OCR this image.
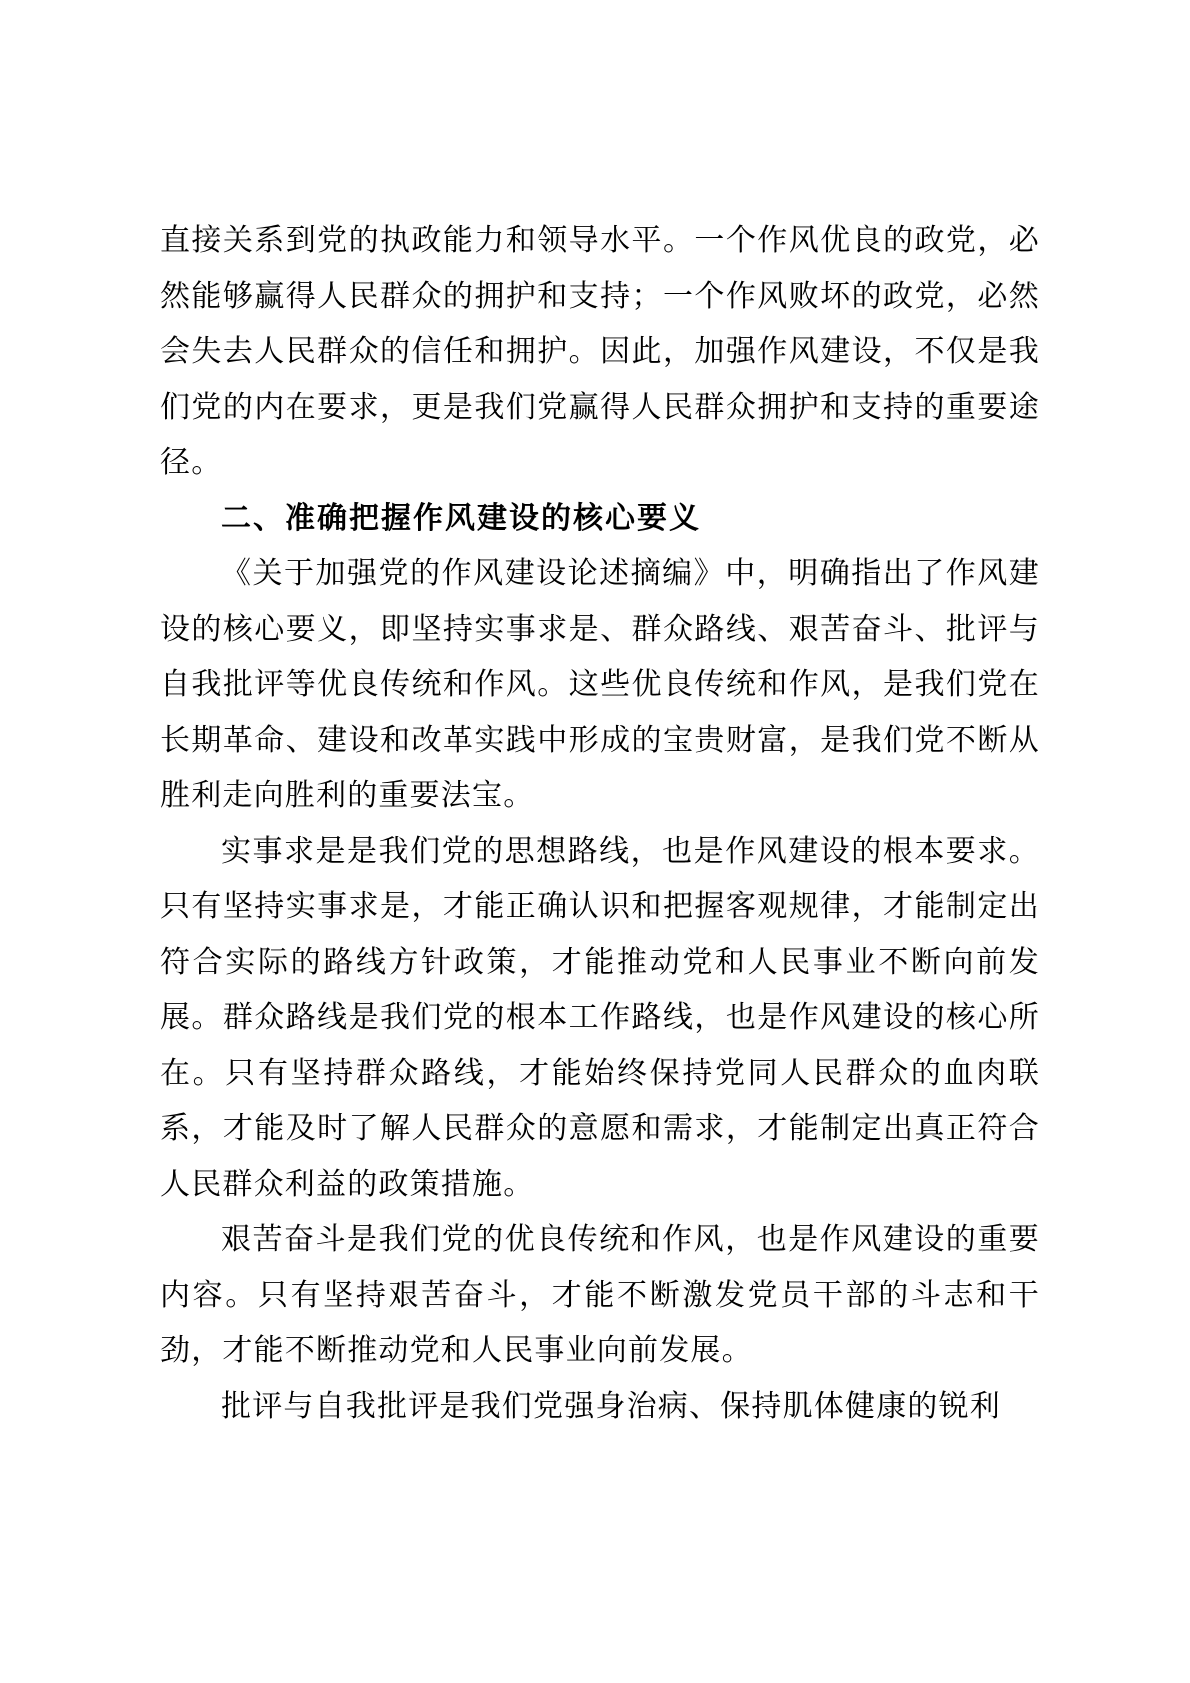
直接关系到党的执政能力和领导水平。一个作风优良的政党，必然能够赢得人民群众的拥护和支持；一个作风败坏的政党，必然会失去人民群众的信任和拥护。因此，加强作风建设，不仅是我们党的内在要求，更是我们党赢得人民群众拥护和支持的重要途径。

二、准确把握作风建设的核心要义

《关于加强党的作风建设论述摘编》中，明确指出了作风建设的核心要义，即坚持实事求是、群众路线、艰苦奋斗、批评与自我批评等优良传统和作风。这些优良传统和作风，是我们党在长期革命、建设和改革实践中形成的宝贵财富，是我们党不断从胜利走向胜利的重要法宝。

实事求是是我们党的思想路线，也是作风建设的根本要求。只有坚持实事求是，才能正确认识和把握客观规律，才能制定出符合实际的路线方针政策，才能推动党和人民事业不断向前发展。群众路线是我们党的根本工作路线，也是作风建设的核心所在。只有坚持群众路线，才能始终保持党同人民群众的血肉联系，才能及时了解人民群众的意愿和需求，才能制定出真正符合人民群众利益的政策措施。

艰苦奋斗是我们党的优良传统和作风，也是作风建设的重要内容。只有坚持艰苦奋斗，才能不断激发党员干部的斗志和干劲，才能不断推动党和人民事业向前发展。

批评与自我批评是我们党强身治病、保持肌体健康的锐利
